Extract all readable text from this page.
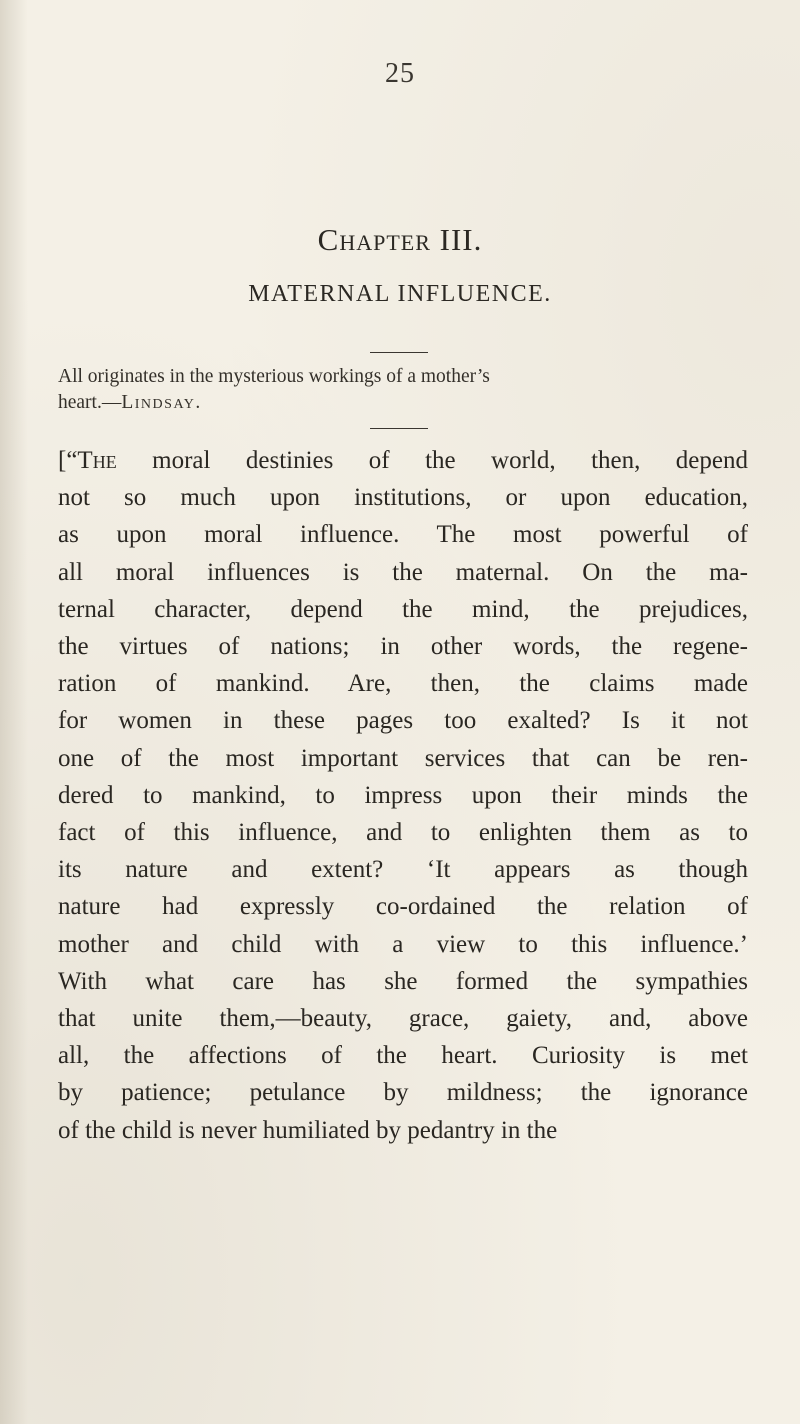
25
Chapter III.
MATERNAL INFLUENCE.
All originates in the mysterious workings of a mother’s
heart.—Lindsay.
[“The moral destinies of the world, then, depend
not so much upon institutions, or upon education,
as upon moral influence. The most powerful of
all moral influences is the maternal. On the ma-
ternal character, depend the mind, the prejudices,
the virtues of nations; in other words, the regene-
ration of mankind. Are, then, the claims made
for women in these pages too exalted? Is it not
one of the most important services that can be ren-
dered to mankind, to impress upon their minds the
fact of this influence, and to enlighten them as to
its nature and extent? ‘It appears as though
nature had expressly co-ordained the relation of
mother and child with a view to this influence.’
With what care has she formed the sympathies
that unite them,—beauty, grace, gaiety, and, above
all, the affections of the heart. Curiosity is met
by patience; petulance by mildness; the ignorance
of the child is never humiliated by pedantry in the
